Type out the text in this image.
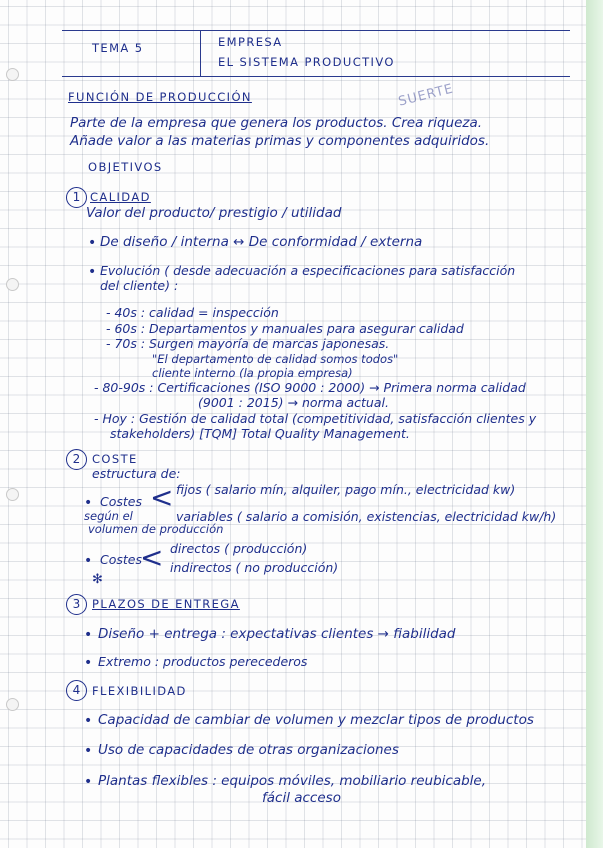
TEMA 5	EMPRESA
EL SISTEMA PRODUCTIVO
SUERTE
FUNCIÓN DE PRODUCCIÓN
Parte de la empresa que genera los productos. Crea riqueza.
Añade valor a las materias primas y componentes adquiridos.
OBJETIVOS
1 CALIDAD
Valor del producto/ prestigio / utilidad
• De diseño / interna ↔ De conformidad / externa
• Evolución ( desde adecuación a especificaciones para satisfacción
del cliente) :
- 40s : calidad = inspección
- 60s : Departamentos y manuales para asegurar calidad
- 70s : Surgen mayoría de marcas japonesas.
"El departamento de calidad somos todos"
cliente interno (la propia empresa)
- 80-90s : Certificaciones (ISO 9000 : 2000) → Primera norma calidad
(9001 : 2015) → norma actual.
- Hoy : Gestión de calidad total (competitividad, satisfacción clientes y
stakeholders) [TQM] Total Quality Management.
2	COSTE
estructura de:
• Costes
según el
volumen de producción
< fijos ( salario mín, alquiler, pago mín., electricidad kw)
variables ( salario a comisión, existencias, electricidad kw/h)
• Costes
< directos ( producción)
indirectos ( no producción)
✻
3	PLAZOS DE ENTREGA
• Diseño + entrega : expectativas clientes → fiabilidad
• Extremo : productos perecederos
4	FLEXIBILIDAD
• Capacidad de cambiar de volumen y mezclar tipos de productos
• Uso de capacidades de otras organizaciones
• Plantas flexibles : equipos móviles, mobiliario reubicable,
fácil acceso
